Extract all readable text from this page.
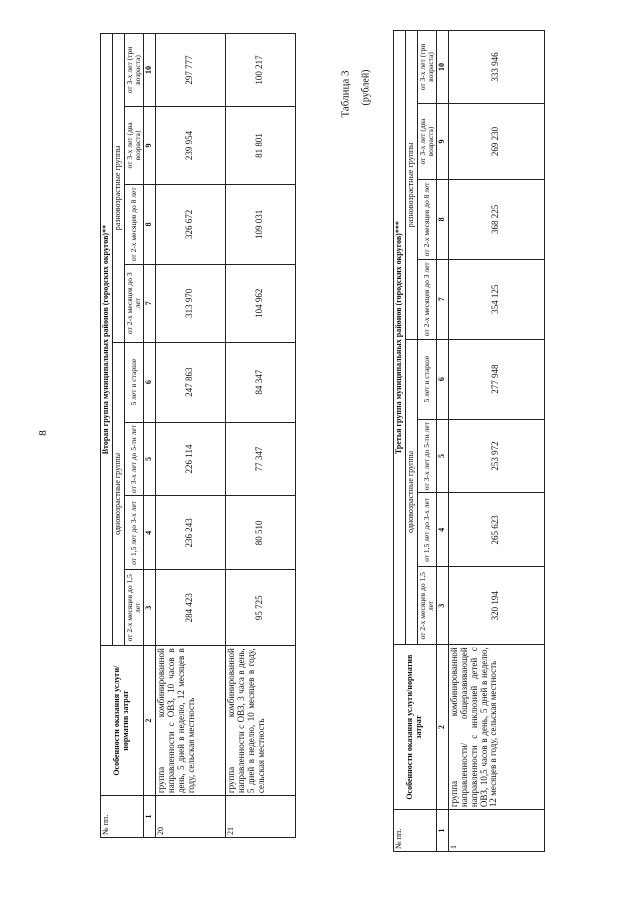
8
№ пп.	Особенности оказания услуги/норматив затрат	Вторая группа муниципальных районов (городских округов)**							
		одновозрастные группы				разновозрастные группы			
		от 2-х месяцев до 1,5 лет	от 1,5 лет до 3-х лет	от 3-х лет до 5-ти лет	5 лет и старше	от 2-х месяцев до 3 лет	от 2-х месяцев до 8 лет	от 3-х лет (два возраста)	от 3-х лет (три возраста)
1	2	3	4	5	6	7	8	9	10
20	группа комбинированной направленности с ОВЗ, 10 часов в день, 5 дней в неделю, 12 месяцев в году, сельская местность	284 423	236 243	226 114	247 863	313 970	326 672	239 954	297 777
21	группа комбинированной направленности с ОВЗ, 3 часа в день, 5 дней в неделю, 10 месяцев в году, сельская местность	95 725	80 510	77 347	84 347	104 962	109 031	81 801	100 217
Таблица 3 (рублей)
№ пп.	Особенности оказания услуги/норматив затрат	Третья группа муниципальных районов (городских округов)***							
		одновозрастные группы				разновозрастные группы			
		от 2-х месяцев до 1,5 лет	от 1,5 лет до 3-х лет	от 3-х лет до 5-ти лет	5 лет и старше	от 2-х месяцев до 3 лет	от 2-х месяцев до 8 лет	от 3-х лет (два возраста)	от 3-х лет (три возраста)
1	2	3	4	5	6	7	8	9	10
1	группа комбинированной направленности/ общеразвивающей направленности с инклюзией детей с ОВЗ, 10,5 часов в день, 5 дней в неделю, 12 месяцев в году, сельская местность	320 194	265 623	253 972	277 948	354 125	368 225	269 230	333 946
